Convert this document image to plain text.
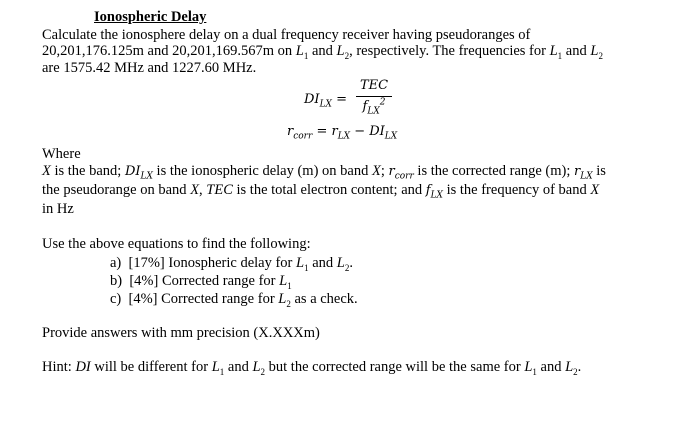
Ionospheric Delay
Calculate the ionosphere delay on a dual frequency receiver having pseudoranges of
20,201,176.125m and 20,201,169.567m on $L_1$ and $L_2$, respectively. The frequencies for $L_1$ and $L_2$
are 1575.42 MHz and 1227.60 MHz.
$DI_{LX}$ =
TEC
$f_{LX}^2$
$r_{corr} = r_{LX} - DI_{LX}$
Where
X is the band; $DI_{LX}$ is the ionospheric delay (m) on band X; $r_{corr}$ is the corrected range (m); $r_{LX}$ is
the pseudorange on band X, TEC is the total electron content; and $f_{LX}$ is the frequency of band X
in Hz
Use the above equations to find the following:
a) [17%] Ionospheric delay for $L_1$ and $L_2$.
b) [4%] Corrected range for $L_1$
c) [4%] Corrected range for $L_2$ as a check.
Provide answers with mm precision (X.XXXm)
Hint: DI will be different for $L_1$ and $L_2$ but the corrected range will be the same for $L_1$ and $L_2$.
